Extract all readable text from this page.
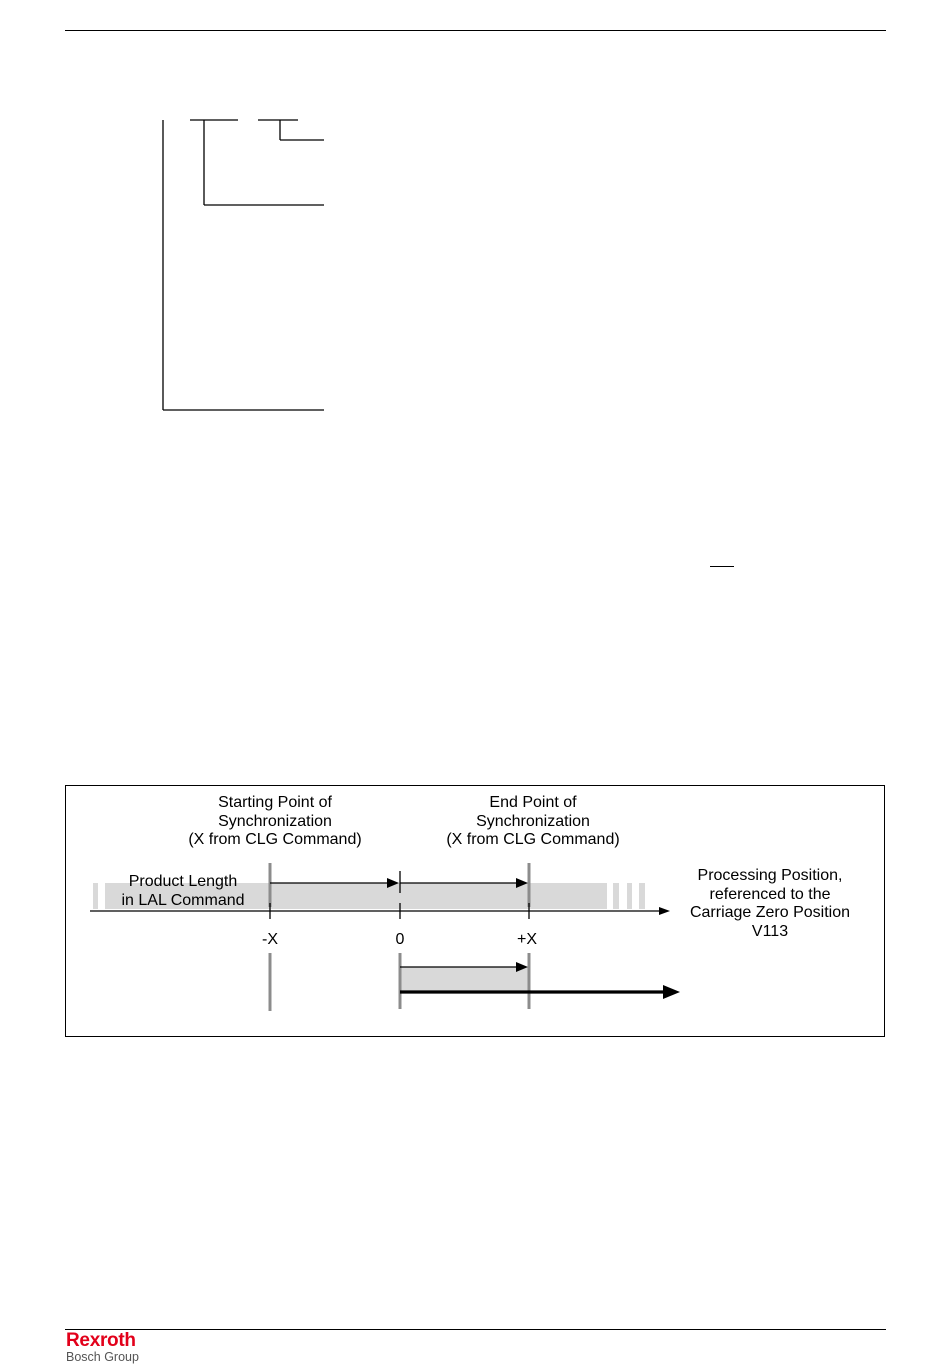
Starting Point of
Synchronization
(X from CLG Command)
End Point of
Synchronization
(X from CLG Command)
Product Length
in LAL Command
Processing Position,
referenced to the
Carriage Zero Position
V113
-X	0	+X
Rexroth
Bosch Group
